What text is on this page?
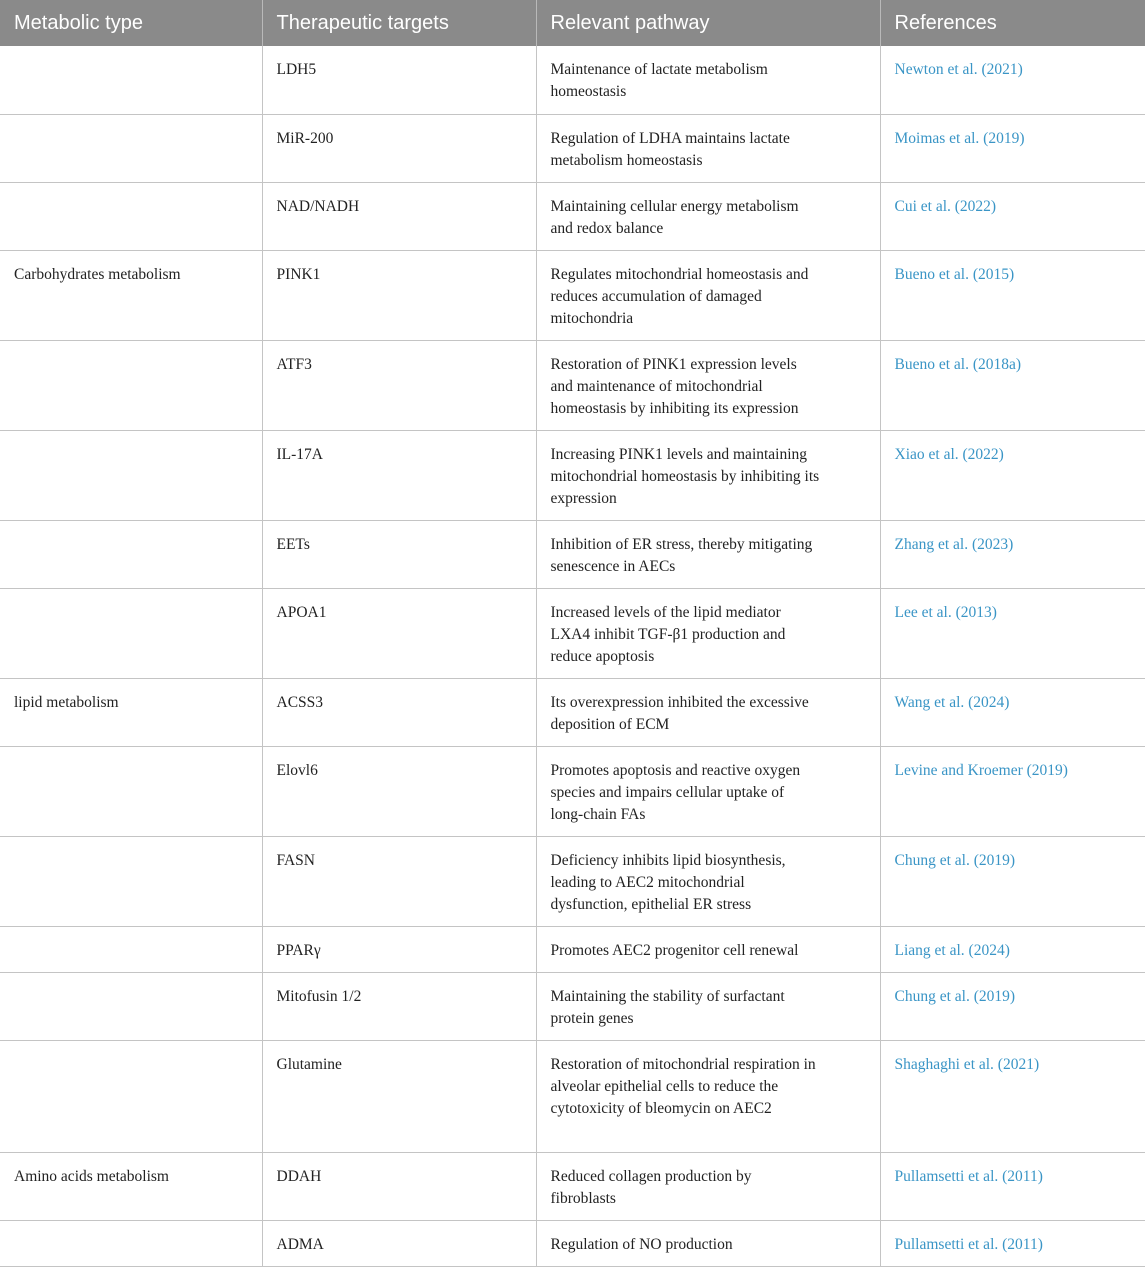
Metabolic type	Therapeutic targets	Relevant pathway	References
	LDH5	Maintenance of lactate metabolism homeostasis	Newton et al. (2021)
	MiR-200	Regulation of LDHA maintains lactate metabolism homeostasis	Moimas et al. (2019)
	NAD/NADH	Maintaining cellular energy metabolism and redox balance	Cui et al. (2022)
Carbohydrates metabolism	PINK1	Regulates mitochondrial homeostasis and reduces accumulation of damaged mitochondria	Bueno et al. (2015)
	ATF3	Restoration of PINK1 expression levels and maintenance of mitochondrial homeostasis by inhibiting its expression	Bueno et al. (2018a)
	IL-17A	Increasing PINK1 levels and maintaining mitochondrial homeostasis by inhibiting its expression	Xiao et al. (2022)
	EETs	Inhibition of ER stress, thereby mitigating senescence in AECs	Zhang et al. (2023)
	APOA1	Increased levels of the lipid mediator LXA4 inhibit TGF-β1 production and reduce apoptosis	Lee et al. (2013)
lipid metabolism	ACSS3	Its overexpression inhibited the excessive deposition of ECM	Wang et al. (2024)
	Elovl6	Promotes apoptosis and reactive oxygen species and impairs cellular uptake of long-chain FAs	Levine and Kroemer (2019)
	FASN	Deficiency inhibits lipid biosynthesis, leading to AEC2 mitochondrial dysfunction, epithelial ER stress	Chung et al. (2019)
	PPARγ	Promotes AEC2 progenitor cell renewal	Liang et al. (2024)
	Mitofusin 1/2	Maintaining the stability of surfactant protein genes	Chung et al. (2019)
	Glutamine	Restoration of mitochondrial respiration in alveolar epithelial cells to reduce the cytotoxicity of bleomycin on AEC2	Shaghaghi et al. (2021)
Amino acids metabolism	DDAH	Reduced collagen production by fibroblasts	Pullamsetti et al. (2011)
	ADMA	Regulation of NO production	Pullamsetti et al. (2011)
